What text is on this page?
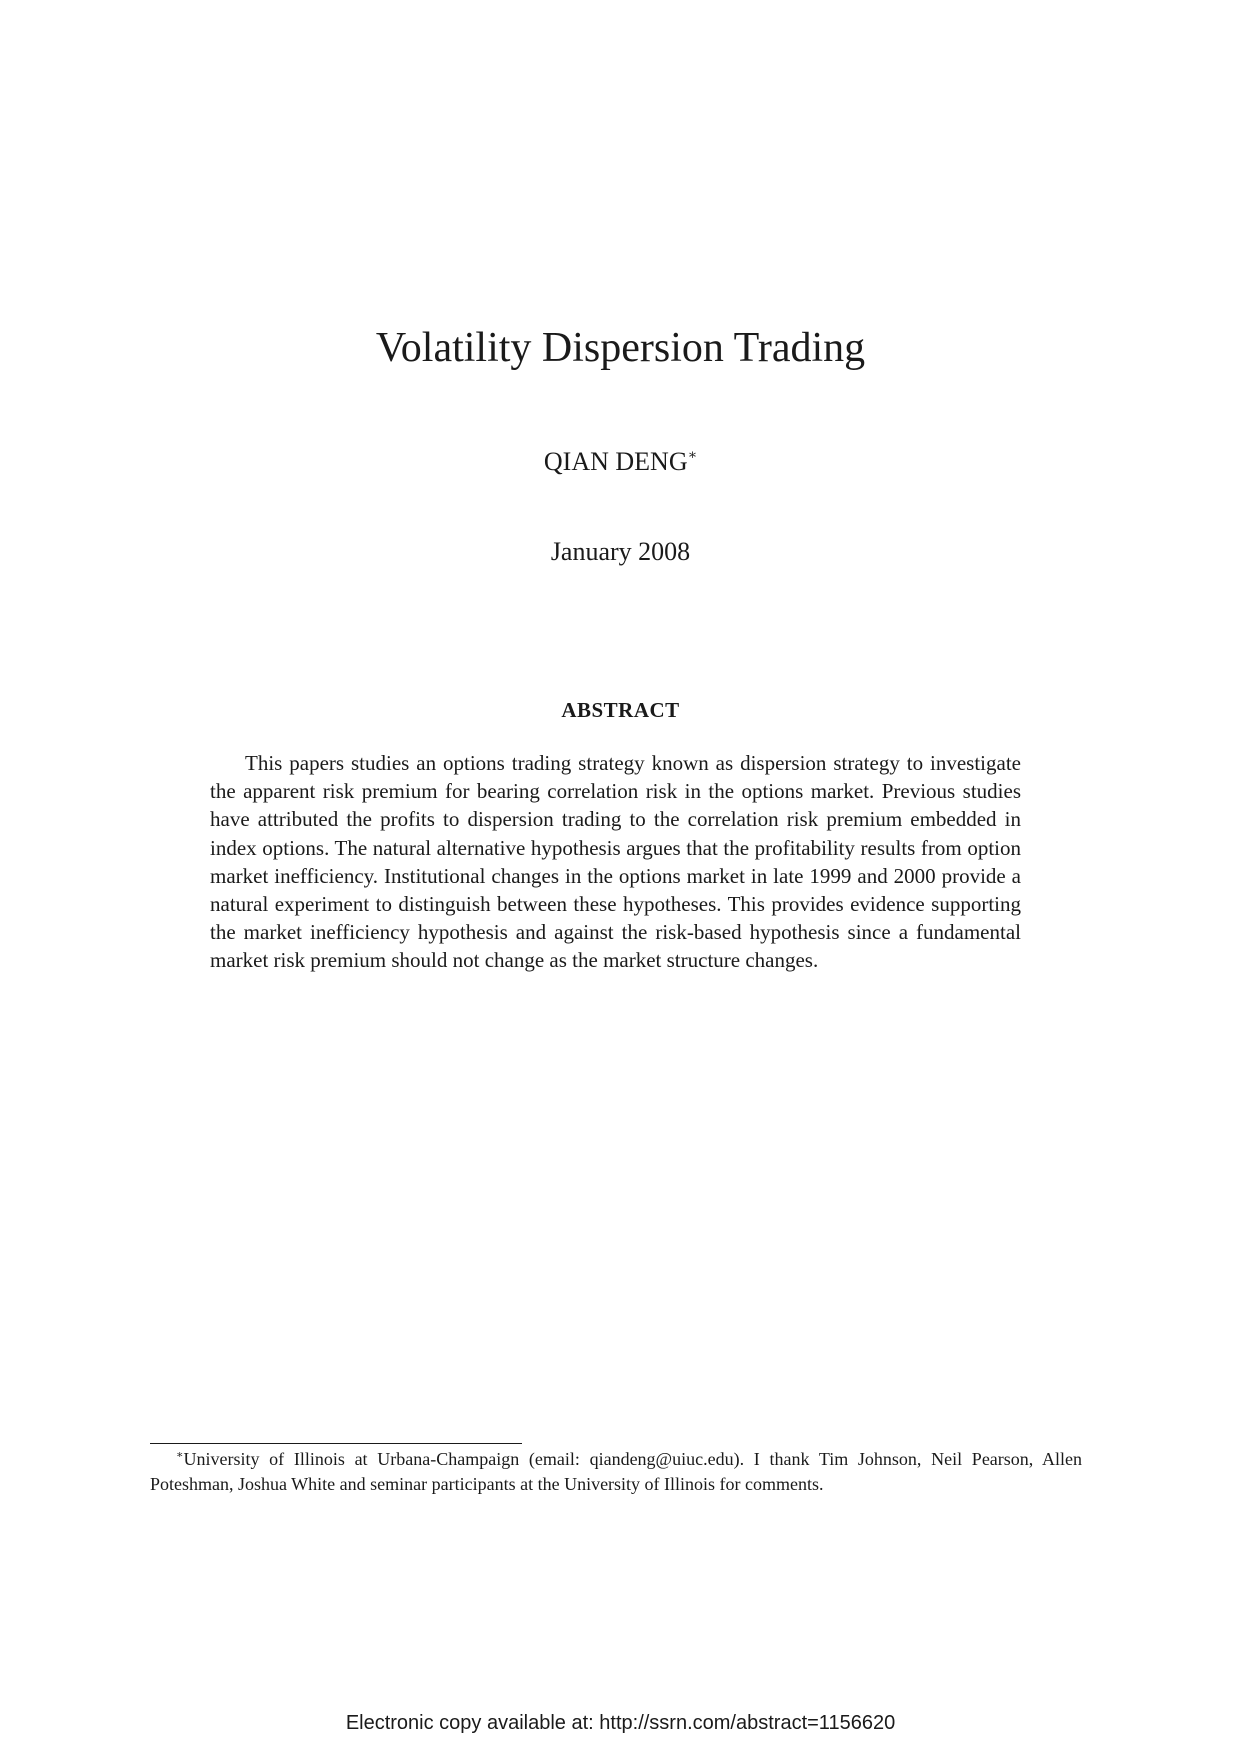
Volatility Dispersion Trading
QIAN DENG∗
January 2008
ABSTRACT

This papers studies an options trading strategy known as dispersion strategy to investigate the apparent risk premium for bearing correlation risk in the options market. Previous studies have attributed the profits to dispersion trading to the correlation risk premium embedded in index options. The natural alternative hypothesis argues that the profitability results from option market inefficiency. Institutional changes in the options market in late 1999 and 2000 provide a natural experiment to distinguish between these hypotheses. This provides evidence supporting the market inefficiency hypothesis and against the risk-based hypothesis since a fundamental market risk premium should not change as the market structure changes.

∗University of Illinois at Urbana-Champaign (email: qiandeng@uiuc.edu). I thank Tim Johnson, Neil Pearson, Allen Poteshman, Joshua White and seminar participants at the University of Illinois for comments.

Electronic copy available at: http://ssrn.com/abstract=1156620
